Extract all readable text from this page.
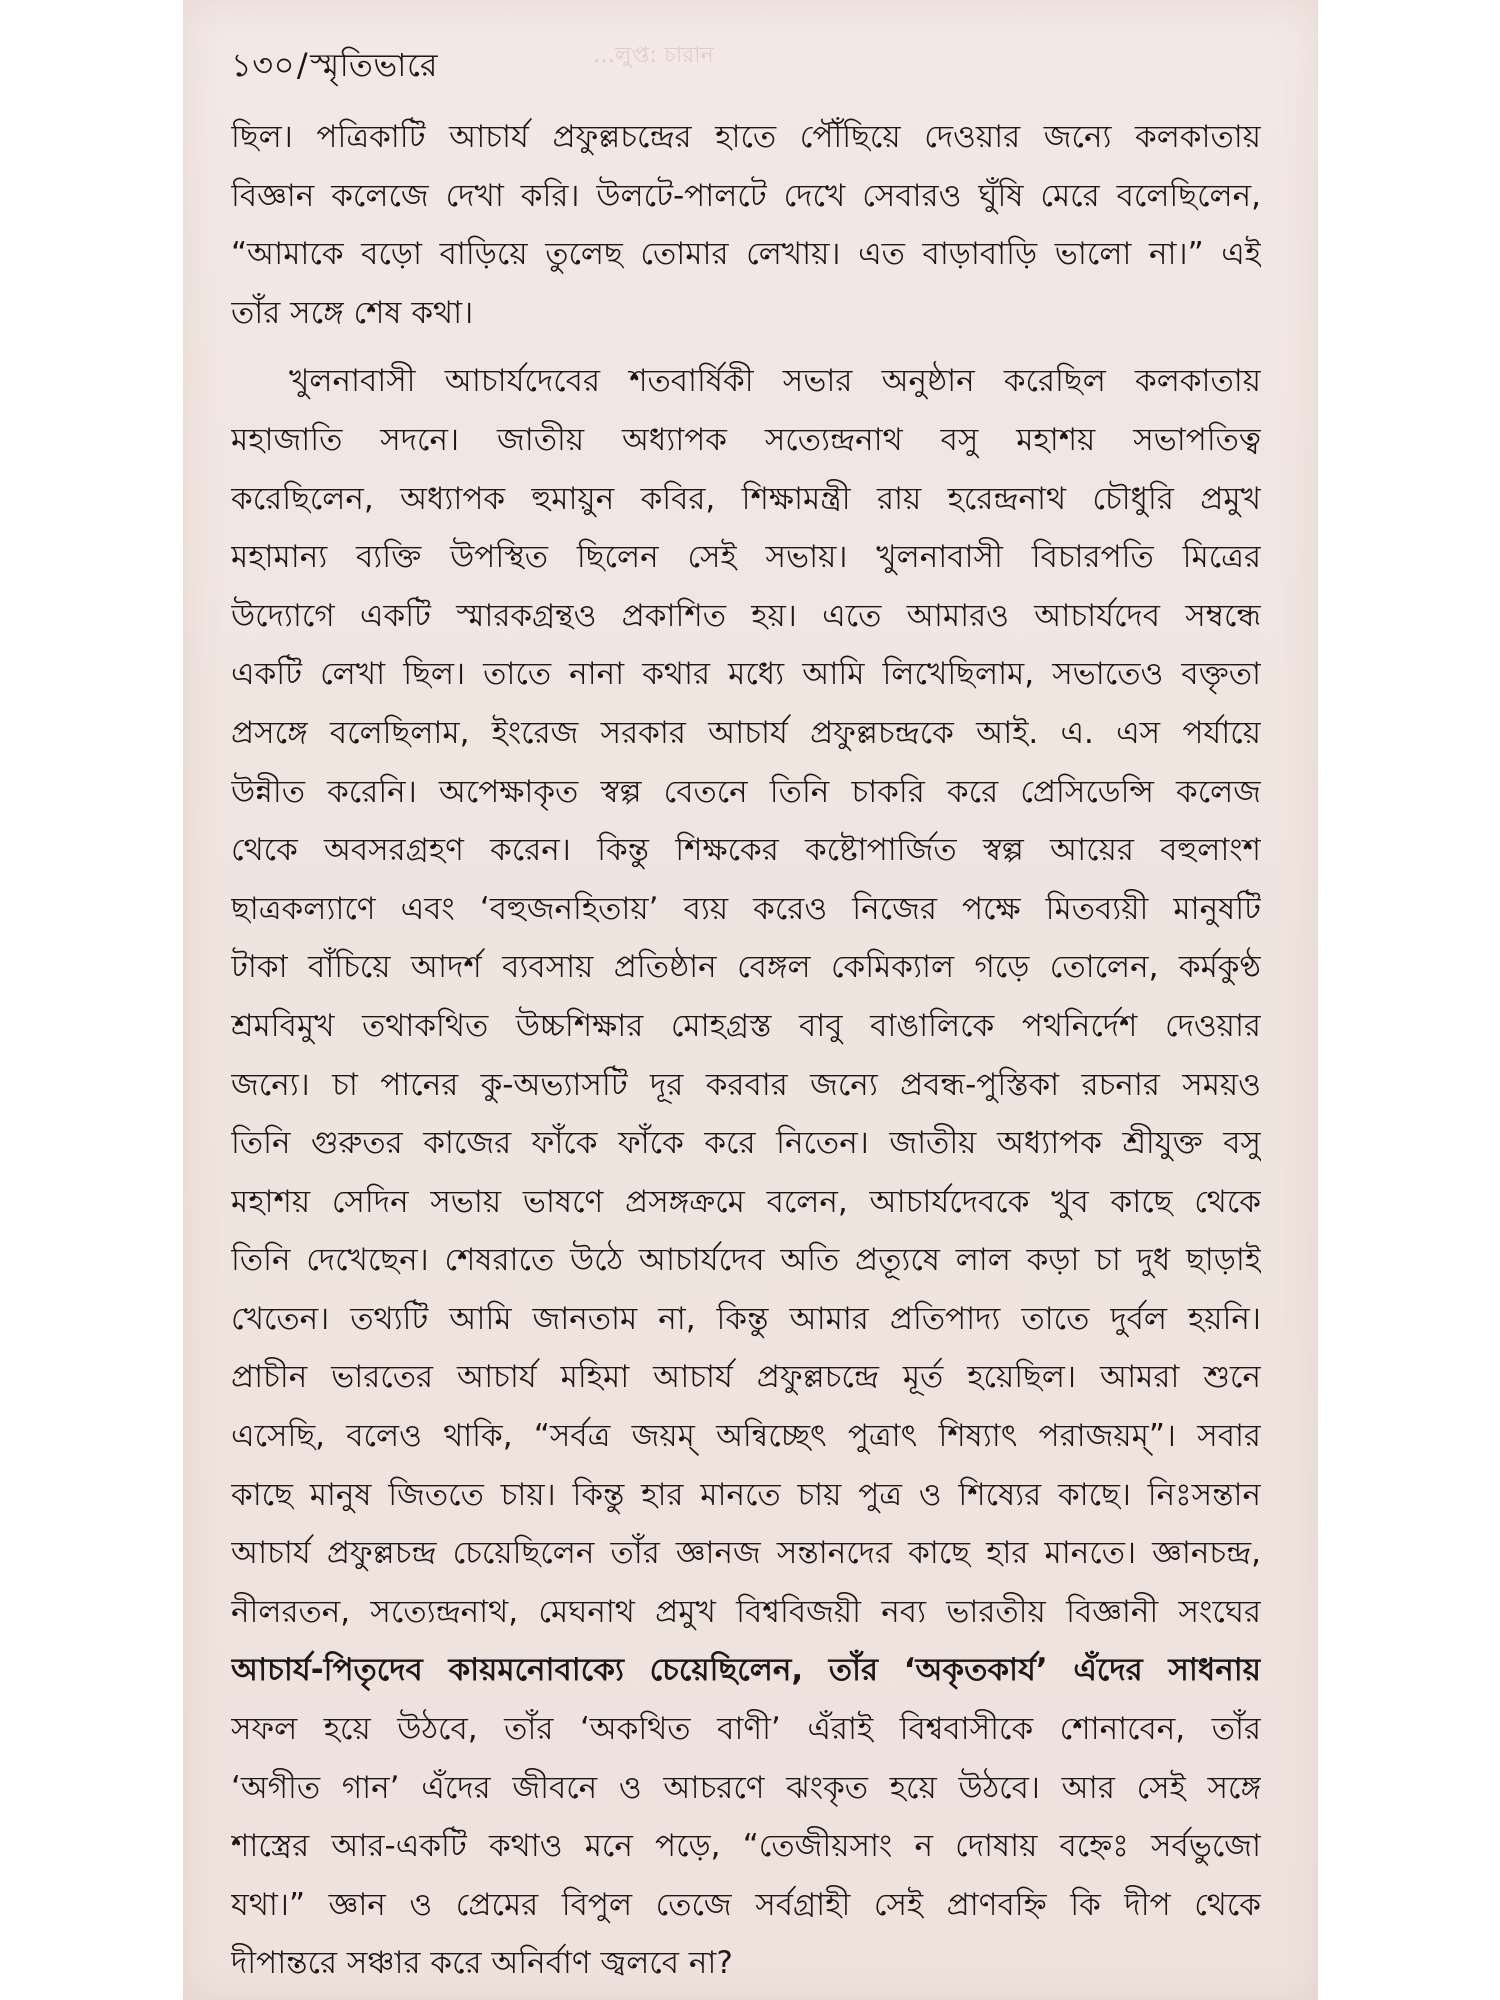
১৩০/স্মৃতিভারে	…লুপ্ত: চারান
ছিল। পত্রিকাটি আচার্য প্রফুল্লচন্দ্রের হাতে পৌঁছিয়ে দেওয়ার জন্যে কলকাতায়
বিজ্ঞান কলেজে দেখা করি। উলটে-পালটে দেখে সেবারও ঘুঁষি মেরে বলেছিলেন,
“আমাকে বড়ো বাড়িয়ে তুলেছ তোমার লেখায়। এত বাড়াবাড়ি ভালো না।” এই
তাঁর সঙ্গে শেষ কথা।
খুলনাবাসী আচার্যদেবের শতবার্ষিকী সভার অনুষ্ঠান করেছিল কলকাতায়
মহাজাতি সদনে। জাতীয় অধ্যাপক সত্যেন্দ্রনাথ বসু মহাশয় সভাপতিত্ব
করেছিলেন, অধ্যাপক হুমায়ুন কবির, শিক্ষামন্ত্রী রায় হরেন্দ্রনাথ চৌধুরি প্রমুখ
মহামান্য ব্যক্তি উপস্থিত ছিলেন সেই সভায়। খুলনাবাসী বিচারপতি মিত্রের
উদ্যোগে একটি স্মারকগ্রন্থও প্রকাশিত হয়। এতে আমারও আচার্যদেব সম্বন্ধে
একটি লেখা ছিল। তাতে নানা কথার মধ্যে আমি লিখেছিলাম, সভাতেও বক্তৃতা
প্রসঙ্গে বলেছিলাম, ইংরেজ সরকার আচার্য প্রফুল্লচন্দ্রকে আই. এ. এস পর্যায়ে
উন্নীত করেনি। অপেক্ষাকৃত স্বল্প বেতনে তিনি চাকরি করে প্রেসিডেন্সি কলেজ
থেকে অবসরগ্রহণ করেন। কিন্তু শিক্ষকের কষ্টোপার্জিত স্বল্প আয়ের বহুলাংশ
ছাত্রকল্যাণে এবং ‘বহুজনহিতায়’ ব্যয় করেও নিজের পক্ষে মিতব্যয়ী মানুষটি
টাকা বাঁচিয়ে আদর্শ ব্যবসায় প্রতিষ্ঠান বেঙ্গল কেমিক্যাল গড়ে তোলেন, কর্মকুণ্ঠ
শ্রমবিমুখ তথাকথিত উচ্চশিক্ষার মোহগ্রস্ত বাবু বাঙালিকে পথনির্দেশ দেওয়ার
জন্যে। চা পানের কু-অভ্যাসটি দূর করবার জন্যে প্রবন্ধ-পুস্তিকা রচনার সময়ও
তিনি গুরুতর কাজের ফাঁকে ফাঁকে করে নিতেন। জাতীয় অধ্যাপক শ্রীযুক্ত বসু
মহাশয় সেদিন সভায় ভাষণে প্রসঙ্গক্রমে বলেন, আচার্যদেবকে খুব কাছে থেকে
তিনি দেখেছেন। শেষরাতে উঠে আচার্যদেব অতি প্রত্যূষে লাল কড়া চা দুধ ছাড়াই
খেতেন। তথ্যটি আমি জানতাম না, কিন্তু আমার প্রতিপাদ্য তাতে দুর্বল হয়নি।
প্রাচীন ভারতের আচার্য মহিমা আচার্য প্রফুল্লচন্দ্রে মূর্ত হয়েছিল। আমরা শুনে
এসেছি, বলেও থাকি, “সর্বত্র জয়ম্ অন্বিচ্ছেৎ পুত্রাৎ শিষ্যাৎ পরাজয়ম্”। সবার
কাছে মানুষ জিততে চায়। কিন্তু হার মানতে চায় পুত্র ও শিষ্যের কাছে। নিঃসন্তান
আচার্য প্রফুল্লচন্দ্র চেয়েছিলেন তাঁর জ্ঞানজ সন্তানদের কাছে হার মানতে। জ্ঞানচন্দ্র,
নীলরতন, সত্যেন্দ্রনাথ, মেঘনাথ প্রমুখ বিশ্ববিজয়ী নব্য ভারতীয় বিজ্ঞানী সংঘের
আচার্য-পিতৃদেব কায়মনোবাক্যে চেয়েছিলেন, তাঁর ‘অকৃতকার্য’ এঁদের সাধনায়
সফল হয়ে উঠবে, তাঁর ‘অকথিত বাণী’ এঁরাই বিশ্ববাসীকে শোনাবেন, তাঁর
‘অগীত গান’ এঁদের জীবনে ও আচরণে ঝংকৃত হয়ে উঠবে। আর সেই সঙ্গে
শাস্ত্রের আর-একটি কথাও মনে পড়ে, “তেজীয়সাং ন দোষায় বহ্নেঃ সর্বভুজো
যথা।” জ্ঞান ও প্রেমের বিপুল তেজে সর্বগ্রাহী সেই প্রাণবহ্নি কি দীপ থেকে
দীপান্তরে সঞ্চার করে অনির্বাণ জ্বলবে না?
